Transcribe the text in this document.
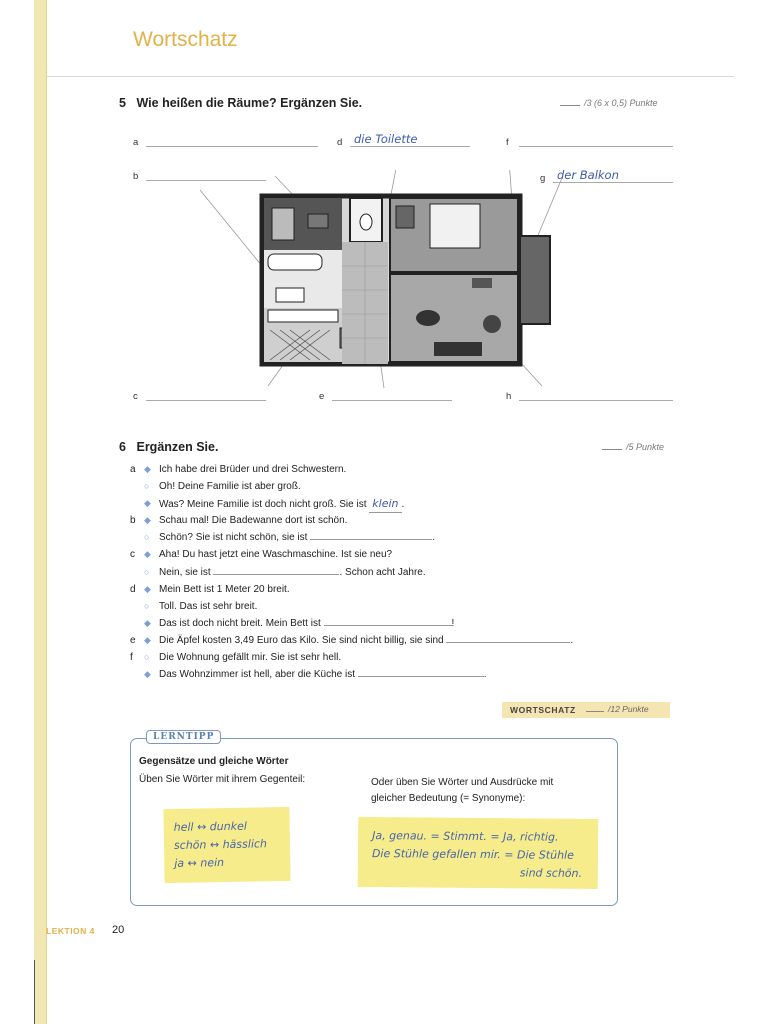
Wortschatz
5 Wie heißen die Räume? Ergänzen Sie.	/3 (6 x 0,5) Punkte
a	d die Toilette	f
b	g der Balkon
c	e	h
6 Ergänzen Sie.	/5 Punkte
a ◆ Ich habe drei Brüder und drei Schwestern.
○ Oh! Deine Familie ist aber groß.
◆ Was? Meine Familie ist doch nicht groß. Sie ist klein .
b ◆ Schau mal! Die Badewanne dort ist schön.
○ Schön? Sie ist nicht schön, sie ist	.
c	◆ Aha! Du hast jetzt eine Waschmaschine. Ist sie neu?
○ Nein, sie ist	. Schon acht Jahre.
d ◆ Mein Bett ist 1 Meter 20 breit.
○ Toll. Das ist sehr breit.
◆ Das ist doch nicht breit. Mein Bett ist	!
e ◆ Die Äpfel kosten 3,49 Euro das Kilo. Sie sind nicht billig, sie sind	.
f	○ Die Wohnung gefällt mir. Sie ist sehr hell.
◆ Das Wohnzimmer ist hell, aber die Küche ist	.
WORTSCHATZ	/12 Punkte
LERNTIPP
Gegensätze und gleiche Wörter
Üben Sie Wörter mit ihrem Gegenteil:	Oder üben Sie Wörter und Ausdrücke mit
gleicher Bedeutung (= Synonyme):
hell ↔ dunkel
schön ↔ hässlich
ja ↔ nein
Ja, genau. = Stimmt. = Ja, richtig.
Die Stühle gefallen mir. = Die Stühle
sind schön.
LEKTION 4 20
